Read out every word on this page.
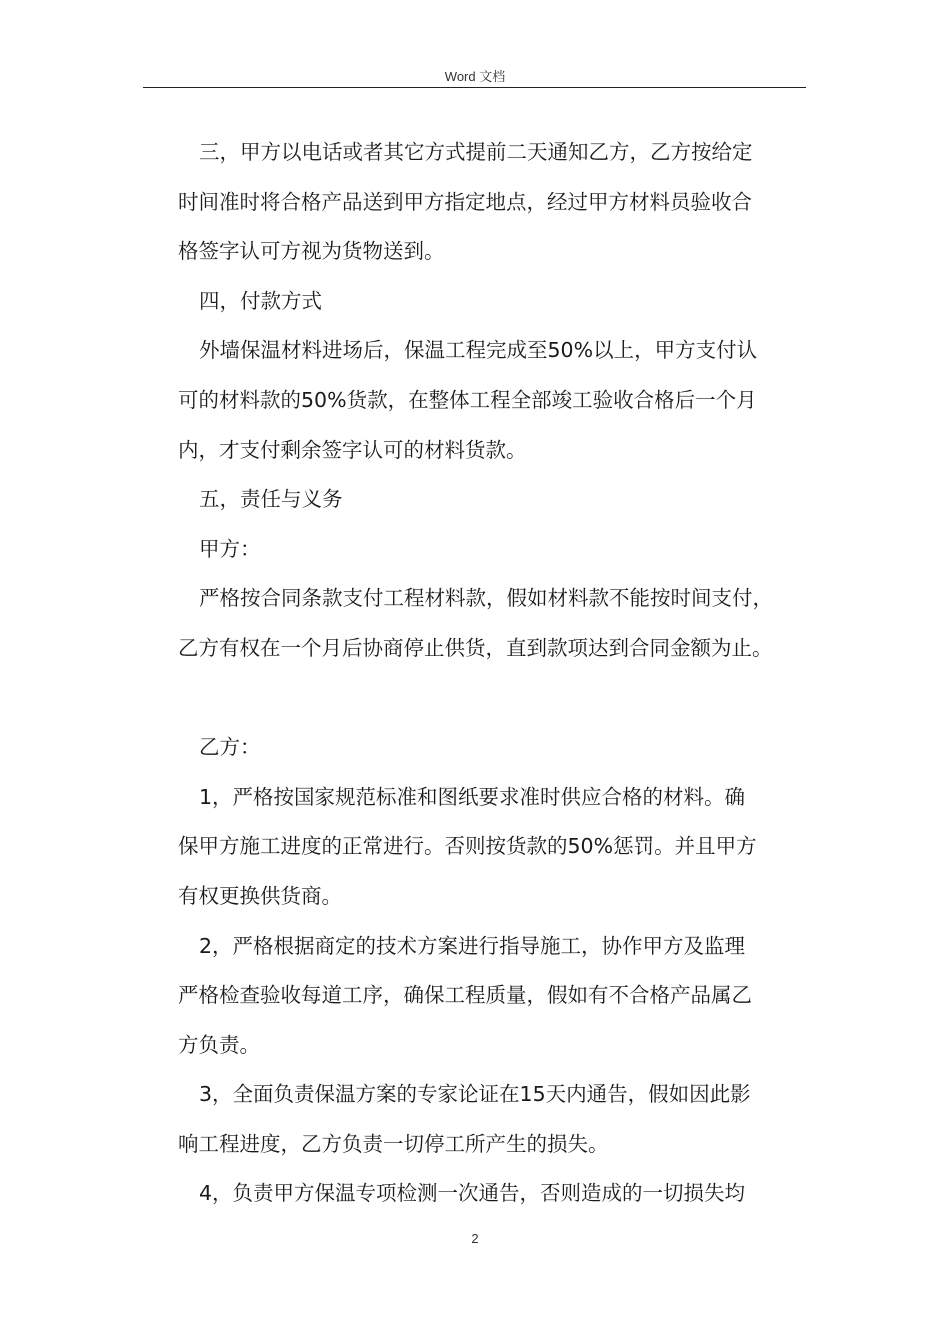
Word 文档
三，甲方以电话或者其它方式提前二天通知乙方，乙方按给定
时间准时将合格产品送到甲方指定地点，经过甲方材料员验收合
格签字认可方视为货物送到。
四，付款方式
外墙保温材料进场后，保温工程完成至50%以上，甲方支付认
可的材料款的50%货款，在整体工程全部竣工验收合格后一个月
内，才支付剩余签字认可的材料货款。
五，责任与义务
甲方：
严格按合同条款支付工程材料款，假如材料款不能按时间支付，
乙方有权在一个月后协商停止供货，直到款项达到合同金额为止。
乙方：
1，严格按国家规范标准和图纸要求准时供应合格的材料。确
保甲方施工进度的正常进行。否则按货款的50%惩罚。并且甲方
有权更换供货商。
2，严格根据商定的技术方案进行指导施工，协作甲方及监理
严格检查验收每道工序，确保工程质量，假如有不合格产品属乙
方负责。
3，全面负责保温方案的专家论证在15天内通告，假如因此影
响工程进度，乙方负责一切停工所产生的损失。
4，负责甲方保温专项检测一次通告，否则造成的一切损失均
2
